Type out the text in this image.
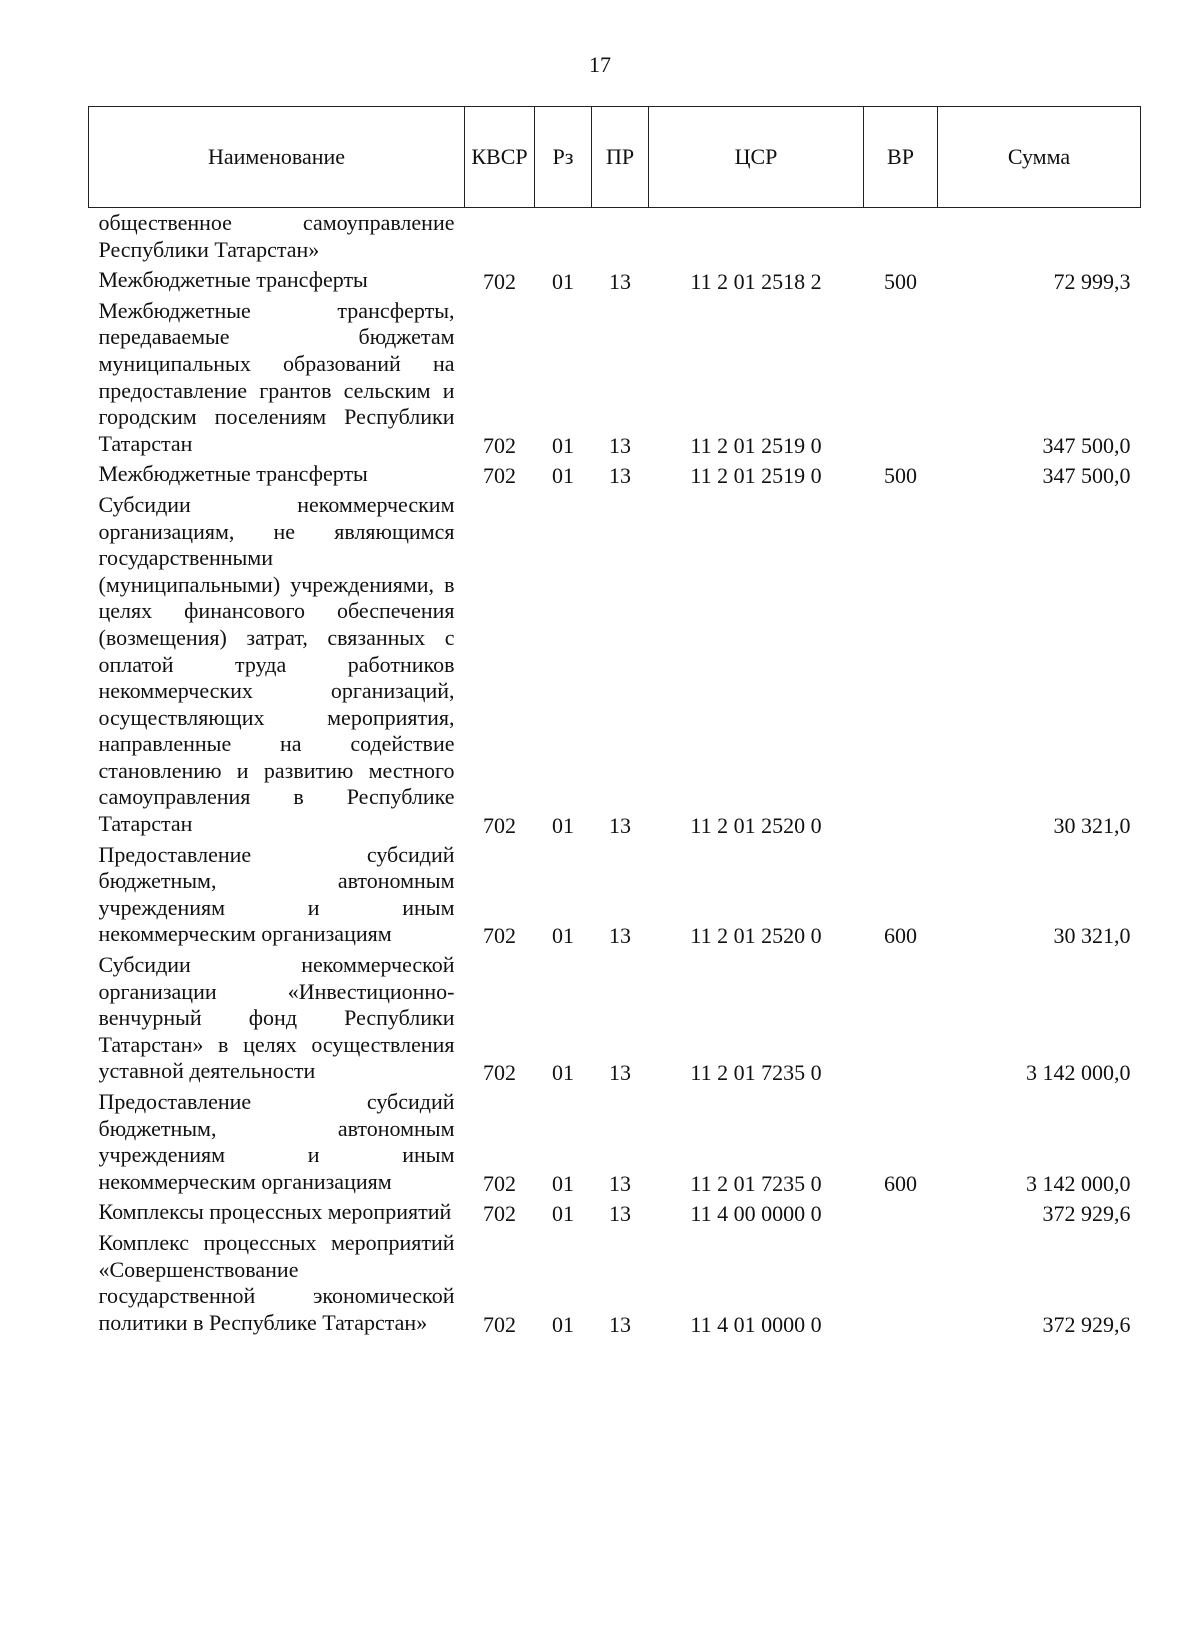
17
Наименование	КВСР	Рз	ПР	ЦСР	ВР	Сумма
общественное самоуправление Республики Татарстан»						
Межбюджетные трансферты	702	01	13	11 2 01 2518 2	500	72 999,3
Межбюджетные трансферты, передаваемые бюджетам муниципальных образований на предоставление грантов сельским и городским поселениям Республики Татарстан	702	01	13	11 2 01 2519 0		347 500,0
Межбюджетные трансферты	702	01	13	11 2 01 2519 0	500	347 500,0
Субсидии некоммерческим организациям, не являющимся государственными (муниципальными) учреждениями, в целях финансового обеспечения (возмещения) затрат, связанных с оплатой труда работников некоммерческих организаций, осуществляющих мероприятия, направленные на содействие становлению и развитию местного самоуправления в Республике Татарстан	702	01	13	11 2 01 2520 0		30 321,0
Предоставление субсидий бюджетным, автономным учреждениям и иным некоммерческим организациям	702	01	13	11 2 01 2520 0	600	30 321,0
Субсидии некоммерческой организации «Инвестиционно-венчурный фонд Республики Татарстан» в целях осуществления уставной деятельности	702	01	13	11 2 01 7235 0		3 142 000,0
Предоставление субсидий бюджетным, автономным учреждениям и иным некоммерческим организациям	702	01	13	11 2 01 7235 0	600	3 142 000,0
Комплексы процессных мероприятий	702	01	13	11 4 00 0000 0		372 929,6
Комплекс процессных мероприятий «Совершенствование государственной экономической политики в Республике Татарстан»	702	01	13	11 4 01 0000 0		372 929,6
